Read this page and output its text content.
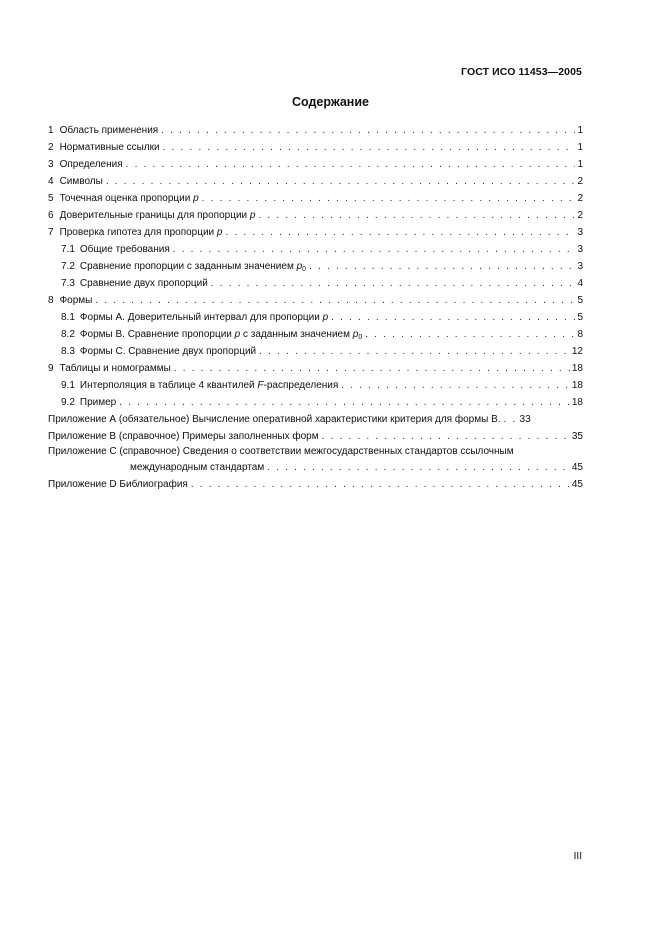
ГОСТ ИСО 11453—2005
Содержание
1 Область применения . . .	1
2 Нормативные ссылки . . .	1
3 Определения . . .	1
4 Символы . . .	2
5 Точечная оценка пропорции p . . .	2
6 Доверительные границы для пропорции p . . .	2
7 Проверка гипотез для пропорции p . . .	3
7.1 Общие требования . . .	3
7.2 Сравнение пропорции с заданным значением $p_0$ . . .	3
7.3 Сравнение двух пропорций . . .	4
8 Формы . . .	5
8.1 Формы А. Доверительный интервал для пропорции p . . .	5
8.2 Формы В. Сравнение пропорции p с заданным значением $p_0$ . . .	8
8.3 Формы С. Сравнение двух пропорций . . .	12
9 Таблицы и номограммы . . .	18
9.1 Интерполяция в таблице 4 квантилей F-распределения . . .	18
9.2 Пример . . .	18
Приложение А (обязательное) Вычисление оперативной характеристики критерия для формы В. . . . 33
Приложение В (справочное) Примеры заполненных форм . . .	35
Приложение С (справочное) Сведения о соответствии межгосударственных стандартов ссылочным
международным стандартам . . .	45
Приложение D Библиография . . .	45
III
